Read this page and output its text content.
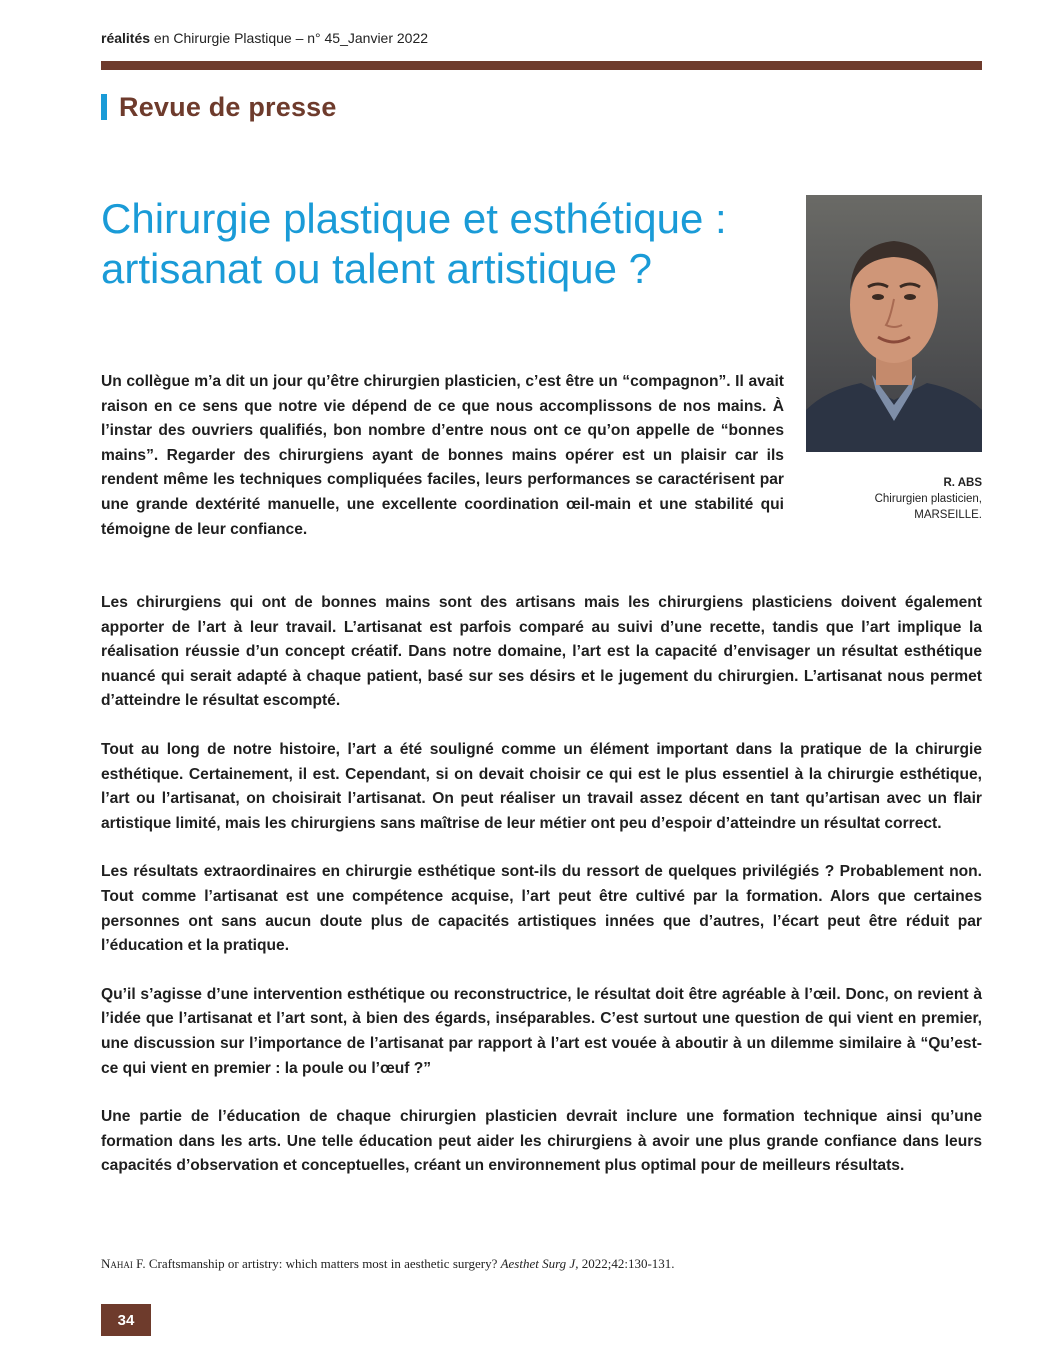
réalités en Chirurgie Plastique – n° 45_Janvier 2022
Revue de presse
Chirurgie plastique et esthétique :
artisanat ou talent artistique ?
R. ABS
Chirurgien plasticien,
MARSEILLE.

Un collègue m’a dit un jour qu’être chirurgien plasticien, c’est être un “compagnon”. Il avait raison en ce sens que notre vie dépend de ce que nous accomplissons de nos mains. À l’instar des ouvriers qualifiés, bon nombre d’entre nous ont ce qu’on appelle de “bonnes mains”. Regarder des chirurgiens ayant de bonnes mains opérer est un plaisir car ils rendent même les techniques compliquées faciles, leurs performances se caractérisent par une grande dextérité manuelle, une excellente coordination œil-main et une stabilité qui témoigne de leur confiance.

Les chirurgiens qui ont de bonnes mains sont des artisans mais les chirurgiens plasticiens doivent également apporter de l’art à leur travail. L’artisanat est parfois comparé au suivi d’une recette, tandis que l’art implique la réalisation réussie d’un concept créatif. Dans notre domaine, l’art est la capacité d’envisager un résultat esthétique nuancé qui serait adapté à chaque patient, basé sur ses désirs et le jugement du chirurgien. L’artisanat nous permet d’atteindre le résultat escompté.

Tout au long de notre histoire, l’art a été souligné comme un élément important dans la pratique de la chirurgie esthétique. Certainement, il est. Cependant, si on devait choisir ce qui est le plus essentiel à la chirurgie esthétique, l’art ou l’artisanat, on choisirait l’artisanat. On peut réaliser un travail assez décent en tant qu’artisan avec un flair artistique limité, mais les chirurgiens sans maîtrise de leur métier ont peu d’espoir d’atteindre un résultat correct.

Les résultats extraordinaires en chirurgie esthétique sont-ils du ressort de quelques privilégiés ? Probablement non. Tout comme l’artisanat est une compétence acquise, l’art peut être cultivé par la formation. Alors que certaines personnes ont sans aucun doute plus de capacités artistiques innées que d’autres, l’écart peut être réduit par l’éducation et la pratique.

Qu’il s’agisse d’une intervention esthétique ou reconstructrice, le résultat doit être agréable à l’œil. Donc, on revient à l’idée que l’artisanat et l’art sont, à bien des égards, inséparables. C’est surtout une question de qui vient en premier, une discussion sur l’importance de l’artisanat par rapport à l’art est vouée à aboutir à un dilemme similaire à “Qu’est-ce qui vient en premier : la poule ou l’œuf ?”

Une partie de l’éducation de chaque chirurgien plasticien devrait inclure une formation technique ainsi qu’une formation dans les arts. Une telle éducation peut aider les chirurgiens à avoir une plus grande confiance dans leurs capacités d’observation et conceptuelles, créant un environnement plus optimal pour de meilleurs résultats.

Nahai F. Craftsmanship or artistry: which matters most in aesthetic surgery? Aesthet Surg J, 2022;42:130-131.
34
